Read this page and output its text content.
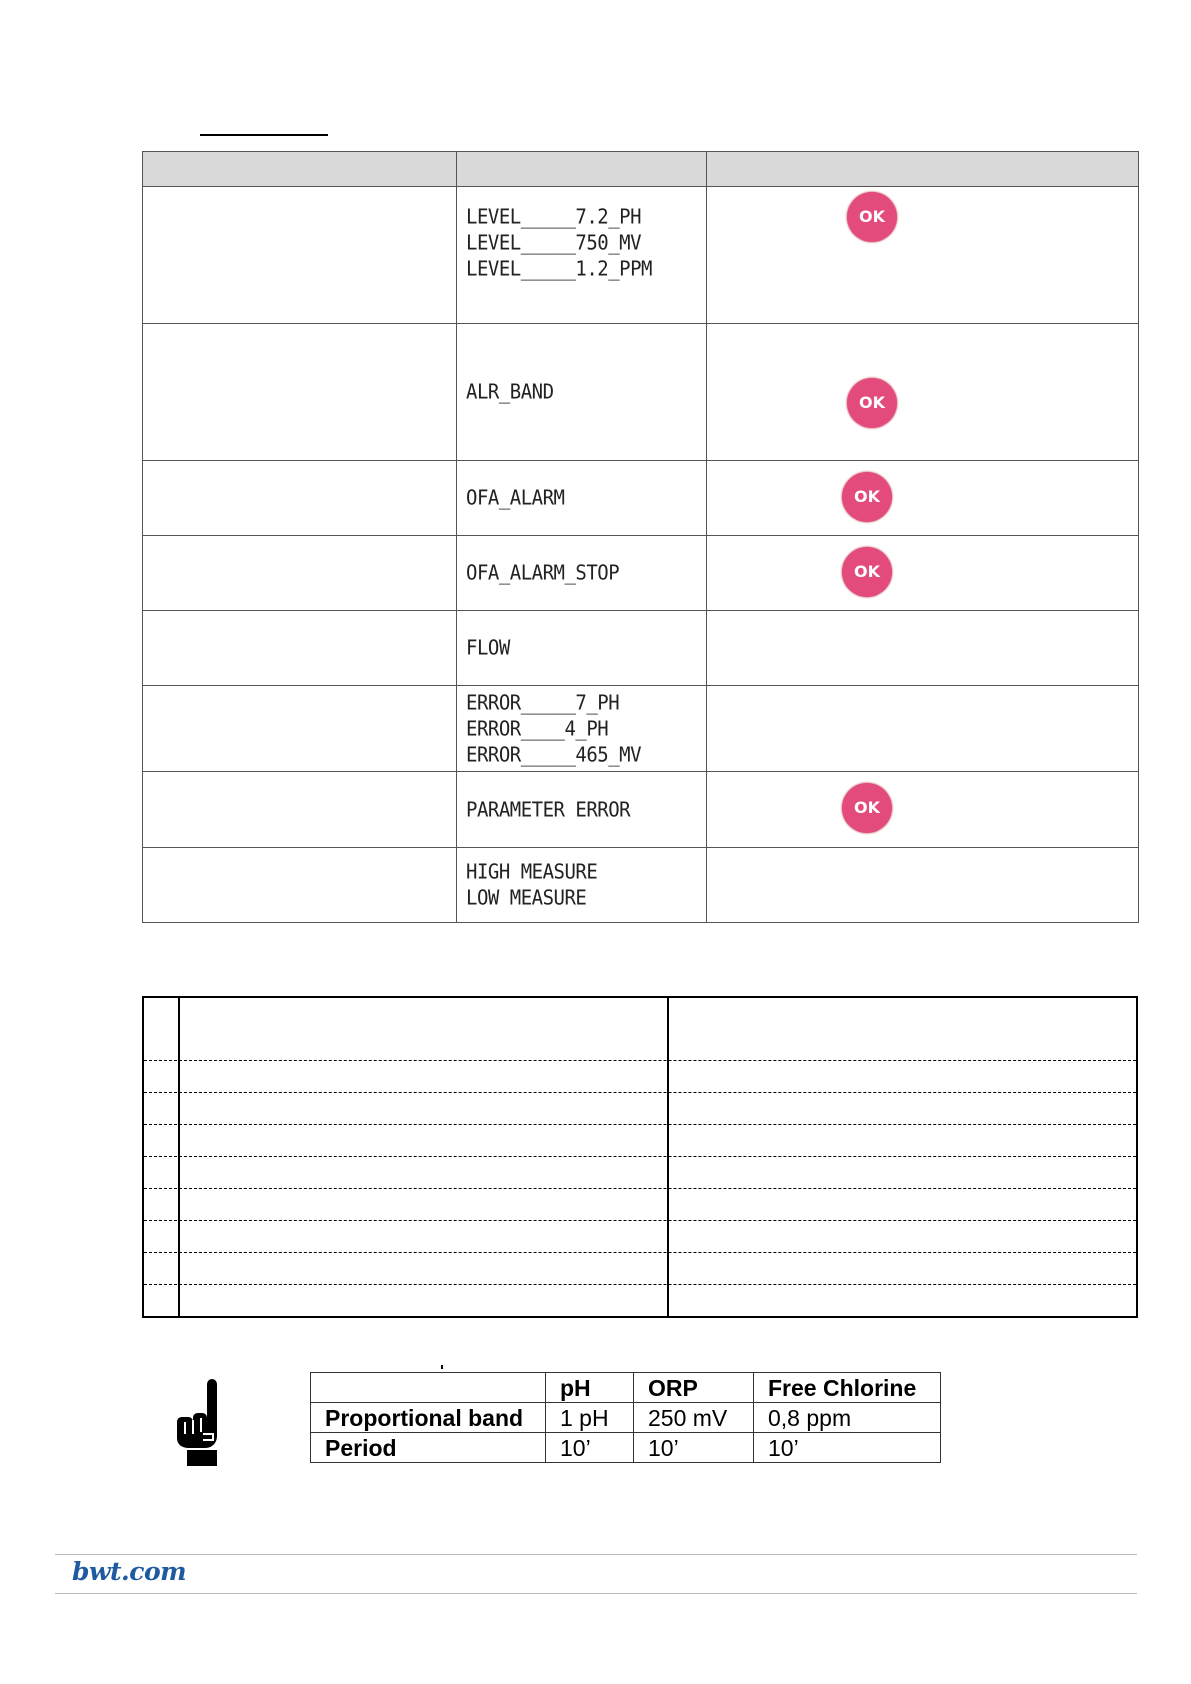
	LEVEL_____7.2_PH
LEVEL_____750_MV
LEVEL_____1.2_PPM	OK

	ALR_BAND	OK

	OFA_ALARM	OK

	OFA_ALARM_STOP	OK

	FLOW	

	ERROR_____7_PH
ERROR____4_PH
ERROR_____465_MV	

	PARAMETER ERROR	OK

	HIGH MEASURE
LOW MEASURE	

	pH	ORP	Free Chlorine
Proportional band	1 pH	250 mV	0,8 ppm
Period	10’	10’	10’
bwt.com
